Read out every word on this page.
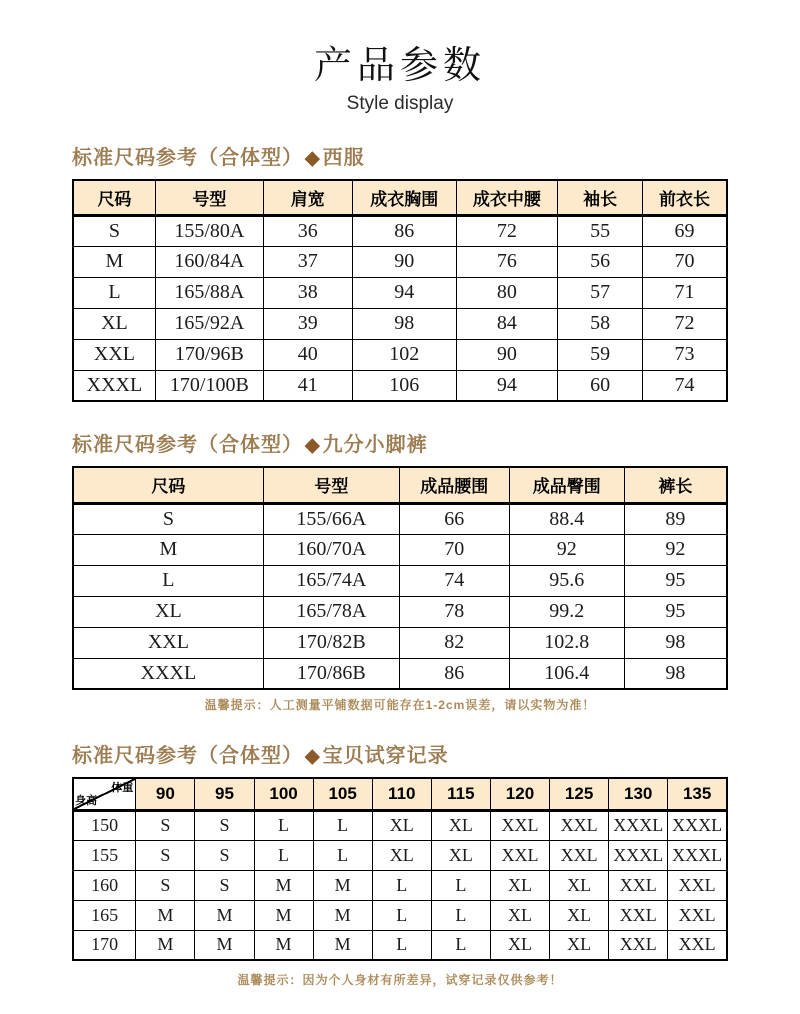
产品参数
Style display
标准尺码参考（合体型） ◆ 西服
尺码	号型	肩宽	成衣胸围	成衣中腰	袖长	前衣长
S	155/80A	36	86	72	55	69
M	160/84A	37	90	76	56	70
L	165/88A	38	94	80	57	71
XL	165/92A	39	98	84	58	72
XXL	170/96B	40	102	90	59	73
XXXL	170/100B	41	106	94	60	74
标准尺码参考（合体型） ◆ 九分小脚裤
尺码	号型	成品腰围	成品臀围	裤长
S	155/66A	66	88.4	89
M	160/70A	70	92	92
L	165/74A	74	95.6	95
XL	165/78A	78	99.2	95
XXL	170/82B	82	102.8	98
XXXL	170/86B	86	106.4	98
温馨提示：人工测量平铺数据可能存在1-2cm误差，请以实物为准！
标准尺码参考（合体型） ◆ 宝贝试穿记录
体重
身高	90	95	100	105	110	115	120	125	130	135
150	S	S	L	L	XL	XL	XXL	XXL	XXXL	XXXL
155	S	S	L	L	XL	XL	XXL	XXL	XXXL	XXXL
160	S	S	M	M	L	L	XL	XL	XXL	XXL
165	M	M	M	M	L	L	XL	XL	XXL	XXL
170	M	M	M	M	L	L	XL	XL	XXL	XXL
温馨提示：因为个人身材有所差异，试穿记录仅供参考！
